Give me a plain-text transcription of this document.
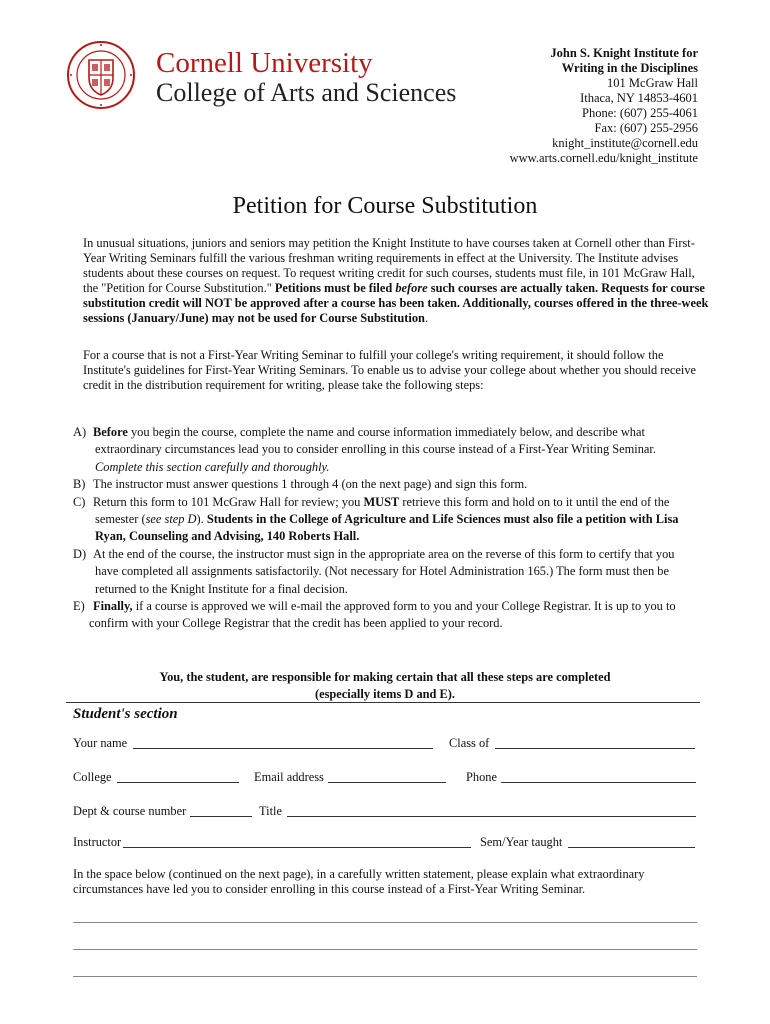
Cornell University
College of Arts and Sciences
John S. Knight Institute for
Writing in the Disciplines
101 McGraw Hall
Ithaca, NY 14853-4601
Phone: (607) 255-4061
Fax: (607) 255-2956
knight_institute@cornell.edu
www.arts.cornell.edu/knight_institute
Petition for Course Substitution
In unusual situations, juniors and seniors may petition the Knight Institute to have courses taken at Cornell other than First-Year Writing Seminars fulfill the various freshman writing requirements in effect at the University. The Institute advises students about these courses on request. To request writing credit for such courses, students must file, in 101 McGraw Hall, the "Petition for Course Substitution." Petitions must be filed before such courses are actually taken. Requests for course substitution credit will NOT be approved after a course has been taken. Additionally, courses offered in the three-week sessions (January/June) may not be used for Course Substitution.
For a course that is not a First-Year Writing Seminar to fulfill your college's writing requirement, it should follow the Institute's guidelines for First-Year Writing Seminars. To enable us to advise your college about whether you should receive credit in the distribution requirement for writing, please take the following steps:
A) Before you begin the course, complete the name and course information immediately below, and describe what
extraordinary circumstances lead you to consider enrolling in this course instead of a First-Year Writing Seminar.
Complete this section carefully and thoroughly.
B) The instructor must answer questions 1 through 4 (on the next page) and sign this form.
C) Return this form to 101 McGraw Hall for review; you MUST retrieve this form and hold on to it until the end of the
semester (see step D). Students in the College of Agriculture and Life Sciences must also file a petition with Lisa
Ryan, Counseling and Advising, 140 Roberts Hall.
D) At the end of the course, the instructor must sign in the appropriate area on the reverse of this form to certify that you
have completed all assignments satisfactorily. (Not necessary for Hotel Administration 165.) The form must then be
returned to the Knight Institute for a final decision.
E) Finally, if a course is approved we will e-mail the approved form to you and your College Registrar. It is up to you to
confirm with your College Registrar that the credit has been applied to your record.
You, the student, are responsible for making certain that all these steps are completed
(especially items D and E).
Student's section
Your name	Class of
College	Email address	Phone
Dept & course number	Title
Instructor	Sem/Year taught
In the space below (continued on the next page), in a carefully written statement, please explain what extraordinary circumstances have led you to consider enrolling in this course instead of a First-Year Writing Seminar.
